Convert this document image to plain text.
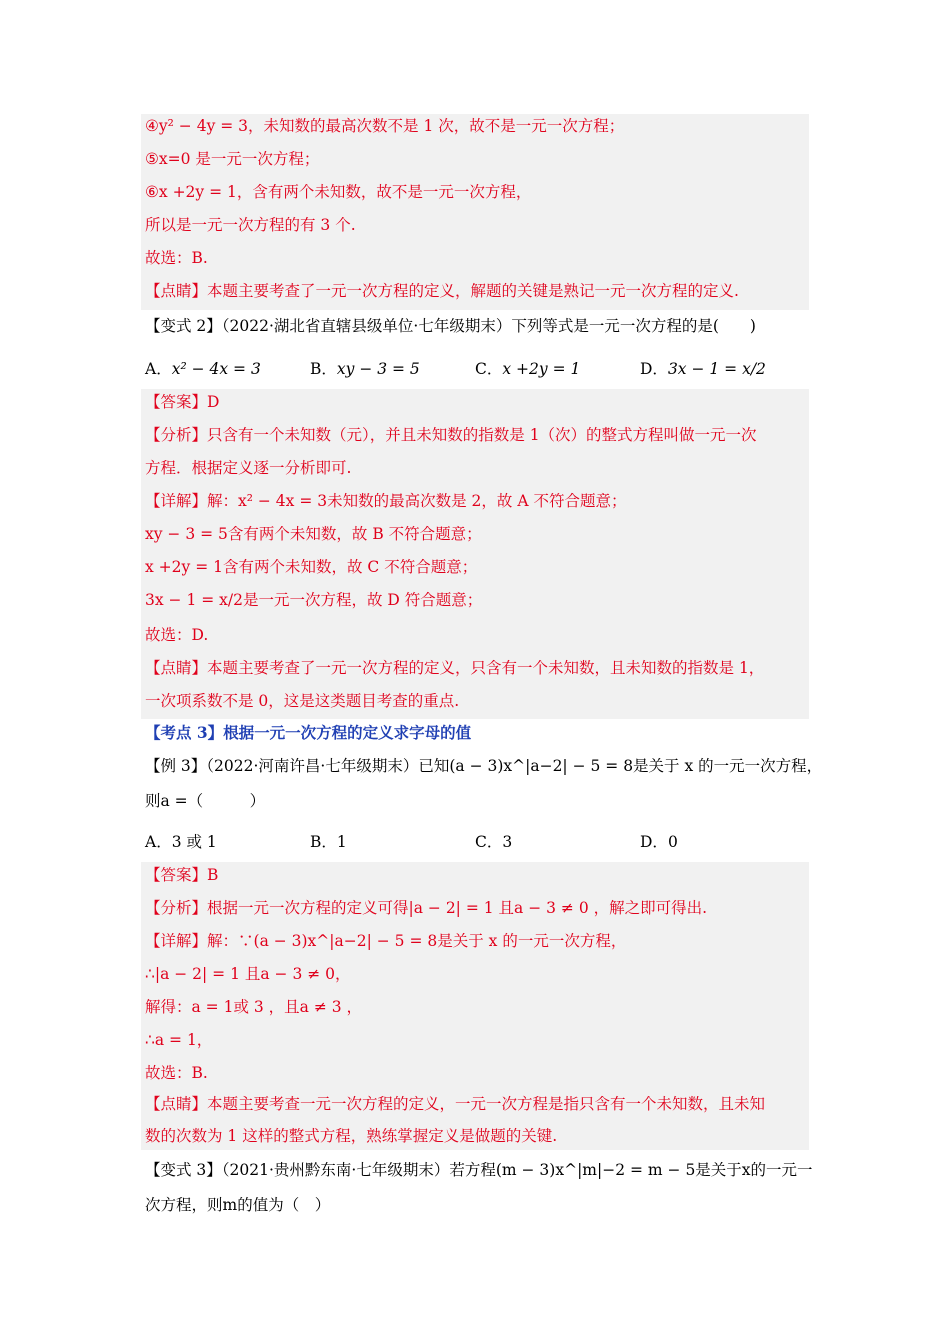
④y² − 4y = 3，未知数的最高次数不是 1 次，故不是一元一次方程；
⑤x=0 是一元一次方程；
⑥x +2y = 1，含有两个未知数，故不是一元一次方程，
所以是一元一次方程的有 3 个.
故选：B.
【点睛】本题主要考查了一元一次方程的定义，解题的关键是熟记一元一次方程的定义.
【变式 2】（2022·湖北省直辖县级单位·七年级期末）下列等式是一元一次方程的是(　　)
A．x² − 4x = 3	B．xy − 3 = 5	C．x +2y = 1	D．3x − 1 = x/2
【答案】D
【分析】只含有一个未知数（元），并且未知数的指数是 1（次）的整式方程叫做一元一次
方程．根据定义逐一分析即可.
【详解】解：x² − 4x = 3未知数的最高次数是 2，故 A 不符合题意；
xy − 3 = 5含有两个未知数，故 B 不符合题意；
x +2y = 1含有两个未知数，故 C 不符合题意；
3x − 1 = x/2是一元一次方程，故 D 符合题意；
故选：D.
【点睛】本题主要考查了一元一次方程的定义，只含有一个未知数，且未知数的指数是 1，
一次项系数不是 0，这是这类题目考查的重点.
【考点 3】根据一元一次方程的定义求字母的值
【例 3】（2022·河南许昌·七年级期末）已知(a − 3)x^|a−2| − 5 = 8是关于 x 的一元一次方程，
则a =（　　　）
A．3 或 1	B．1	C．3	D．0
【答案】B
【分析】根据一元一次方程的定义可得|a − 2| = 1 且a − 3 ≠ 0 ，解之即可得出.
【详解】解：∵(a − 3)x^|a−2| − 5 = 8是关于 x 的一元一次方程，
∴|a − 2| = 1 且a − 3 ≠ 0，
解得：a = 1或 3 ，且a ≠ 3 ，
∴a = 1，
故选：B.
【点睛】本题主要考查一元一次方程的定义，一元一次方程是指只含有一个未知数，且未知
数的次数为 1 这样的整式方程，熟练掌握定义是做题的关键.
【变式 3】（2021·贵州黔东南·七年级期末）若方程(m − 3)x^|m|−2 = m − 5是关于x的一元一
次方程，则m的值为（　）
